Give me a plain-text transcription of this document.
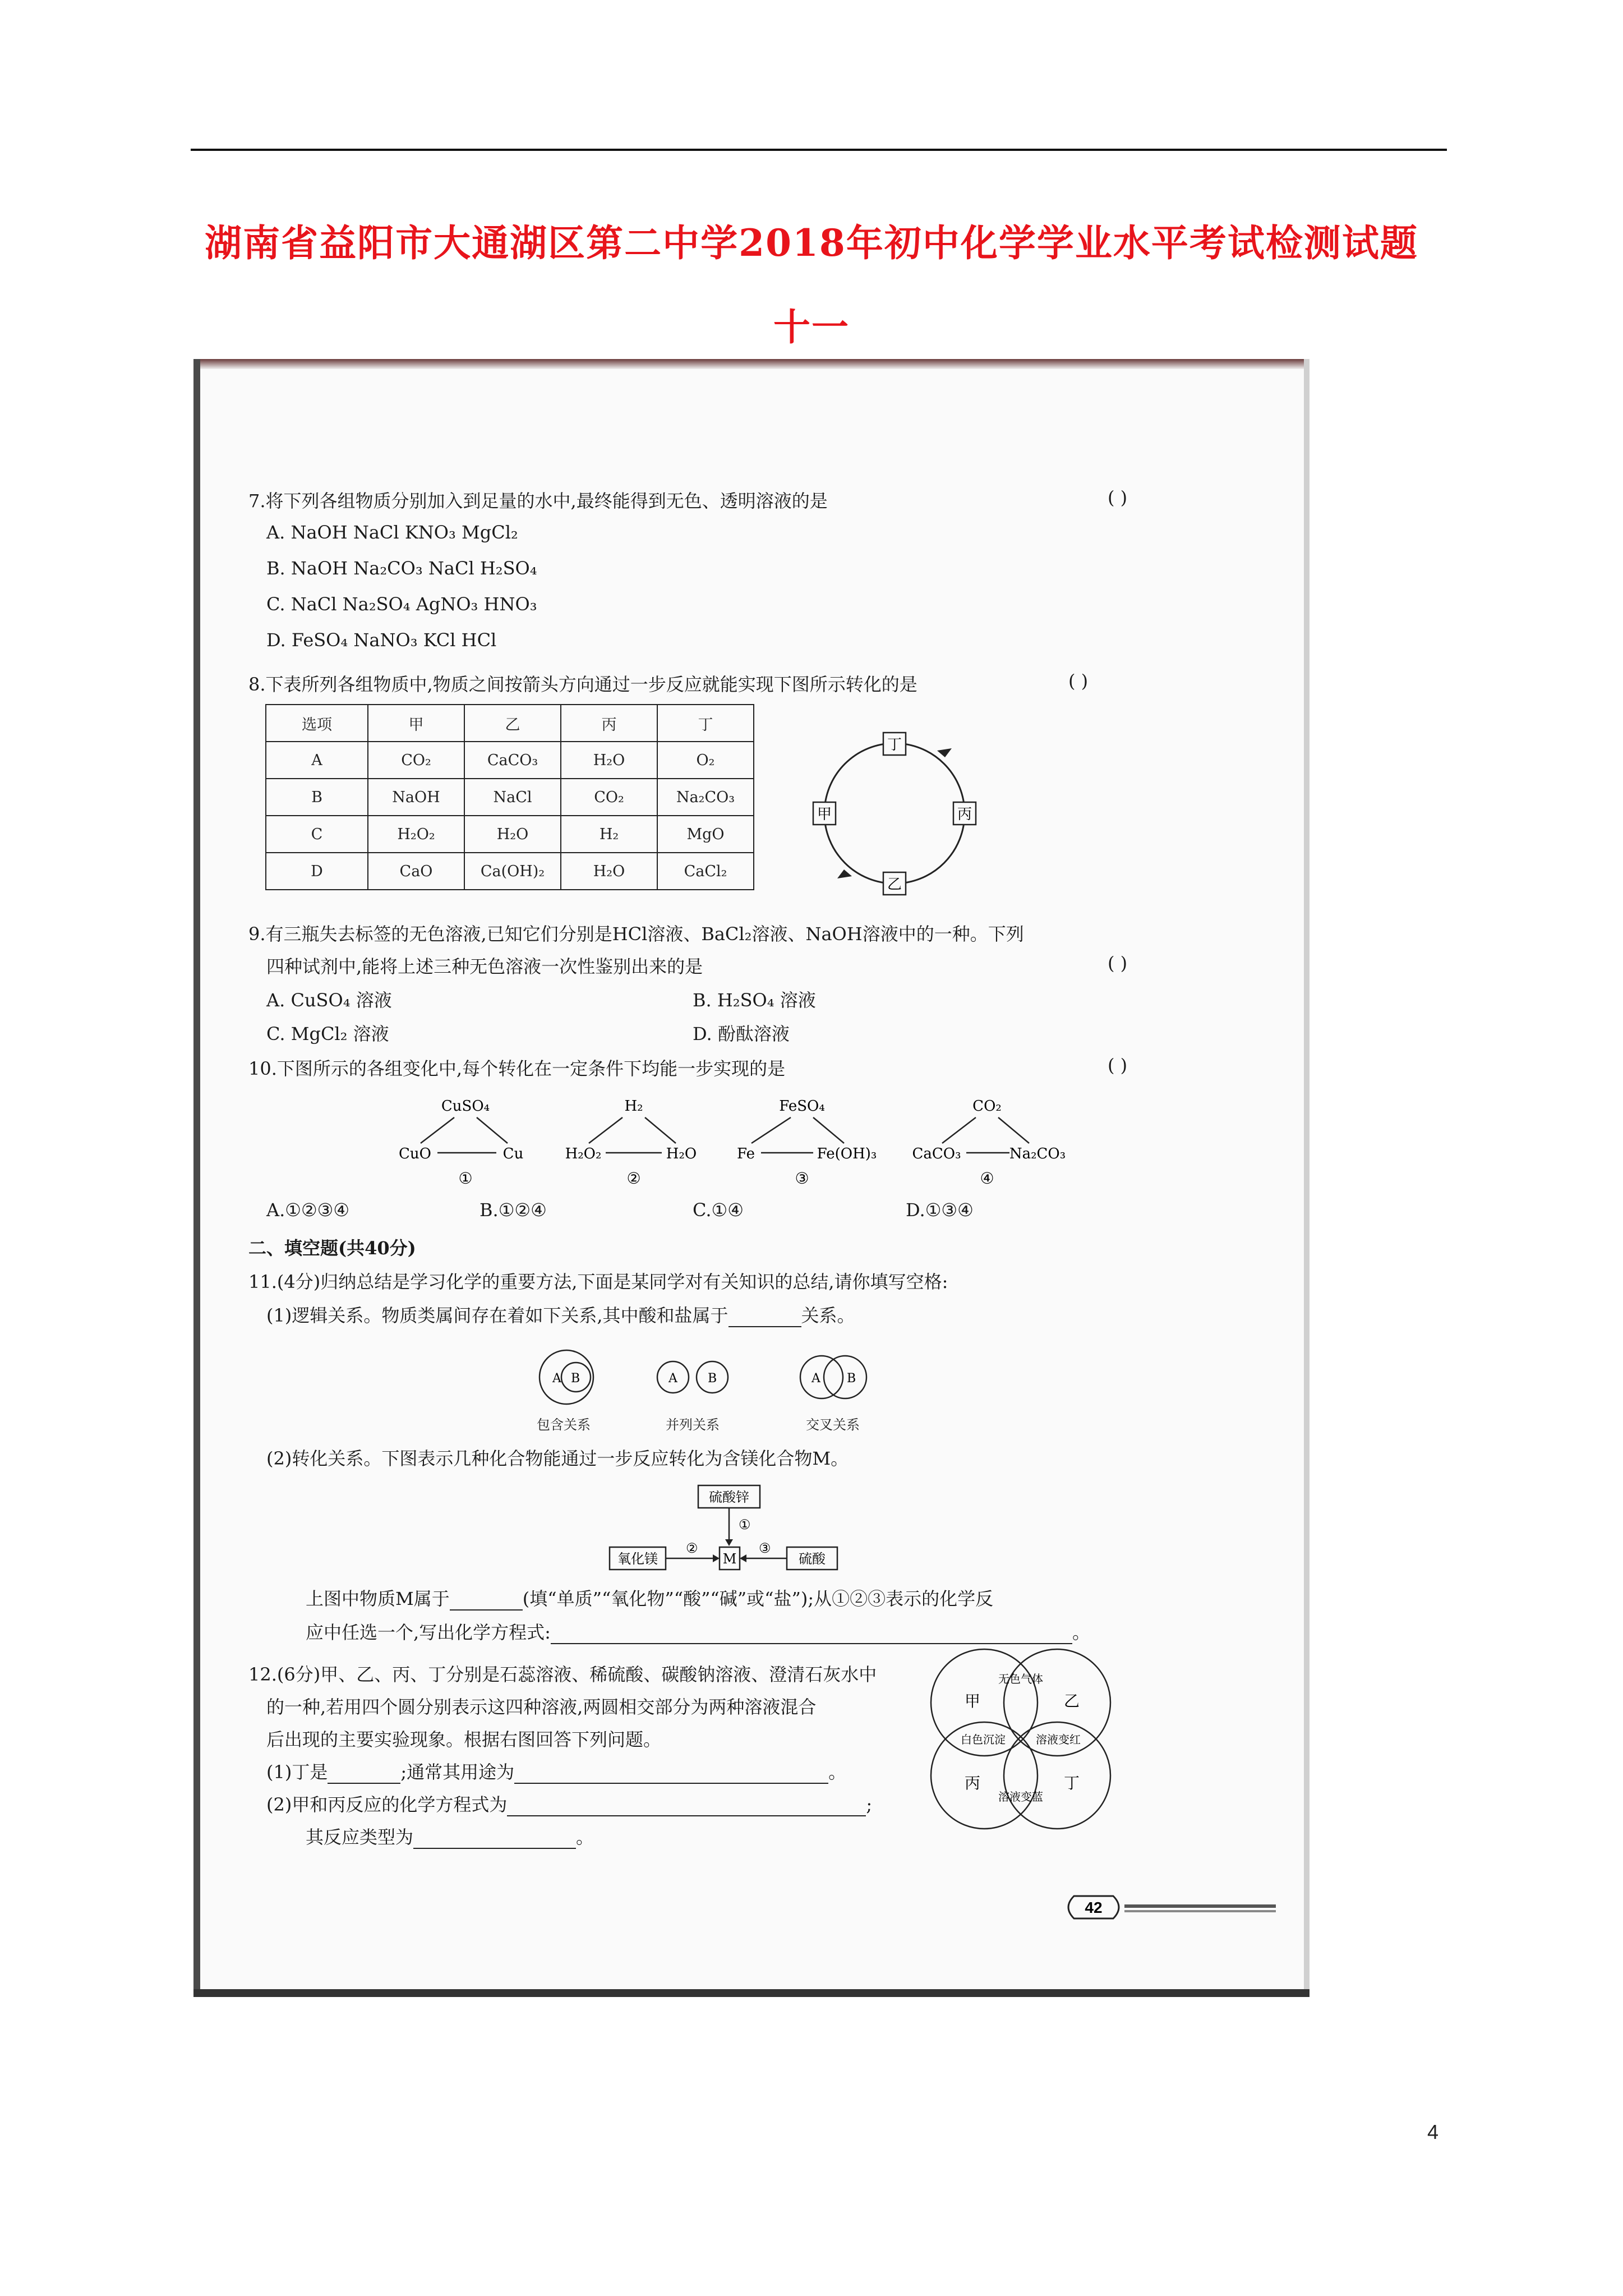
湖南省益阳市大通湖区第二中学2018年初中化学学业水平考试检测试题
十一
7.将下列各组物质分别加入到足量的水中,最终能得到无色、透明溶液的是	( )
A. NaOH NaCl KNO₃ MgCl₂
B. NaOH Na₂CO₃ NaCl H₂SO₄
C. NaCl Na₂SO₄ AgNO₃ HNO₃
D. FeSO₄ NaNO₃ KCl HCl
8.下表所列各组物质中,物质之间按箭头方向通过一步反应就能实现下图所示转化的是	( )
选项	甲	乙	丙	丁
A	CO₂	CaCO₃	H₂O	O₂
B	NaOH	NaCl	CO₂	Na₂CO₃
C	H₂O₂	H₂O	H₂	MgO
D	CaO	Ca(OH)₂	H₂O	CaCl₂
丁
甲	丙
乙
9.有三瓶失去标签的无色溶液,已知它们分别是HCl溶液、BaCl₂溶液、NaOH溶液中的一种。下列
四种试剂中,能将上述三种无色溶液一次性鉴别出来的是	( )
A. CuSO₄ 溶液	B. H₂SO₄ 溶液
C. MgCl₂ 溶液	D. 酚酞溶液
10.下图所示的各组变化中,每个转化在一定条件下均能一步实现的是	( )
CuSO₄
CuO	Cu
①
H₂
H₂O₂	H₂O
②
FeSO₄
Fe	Fe(OH)₃
③
CO₂
CaCO₃	Na₂CO₃
④
A.①②③④	B.①②④	C.①④	D.①③④
二、填空题(共40分)
11.(4分)归纳总结是学习化学的重要方法,下面是某同学对有关知识的总结,请你填写空格:
(1)逻辑关系。物质类属间存在着如下关系,其中酸和盐属于	关系。
A B	A B	A B
包含关系	并列关系	交叉关系
(2)转化关系。下图表示几种化合物能通过一步反应转化为含镁化合物M。
硫酸锌
①
氧化镁
②
M
③
硫酸
上图中物质M属于	(填“单质”“氧化物”“酸”“碱”或“盐”);从①②③表示的化学反
应中任选一个,写出化学方程式:	。
12.(6分)甲、乙、丙、丁分别是石蕊溶液、稀硫酸、碳酸钠溶液、澄清石灰水中
的一种,若用四个圆分别表示这四种溶液,两圆相交部分为两种溶液混合
后出现的主要实验现象。根据右图回答下列问题。
(1)丁是	;通常其用途为	。
(2)甲和丙反应的化学方程式为	;
其反应类型为	。
甲	乙
丙	丁
无色气体
白色沉淀	溶液变红
溶液变蓝
42
4
